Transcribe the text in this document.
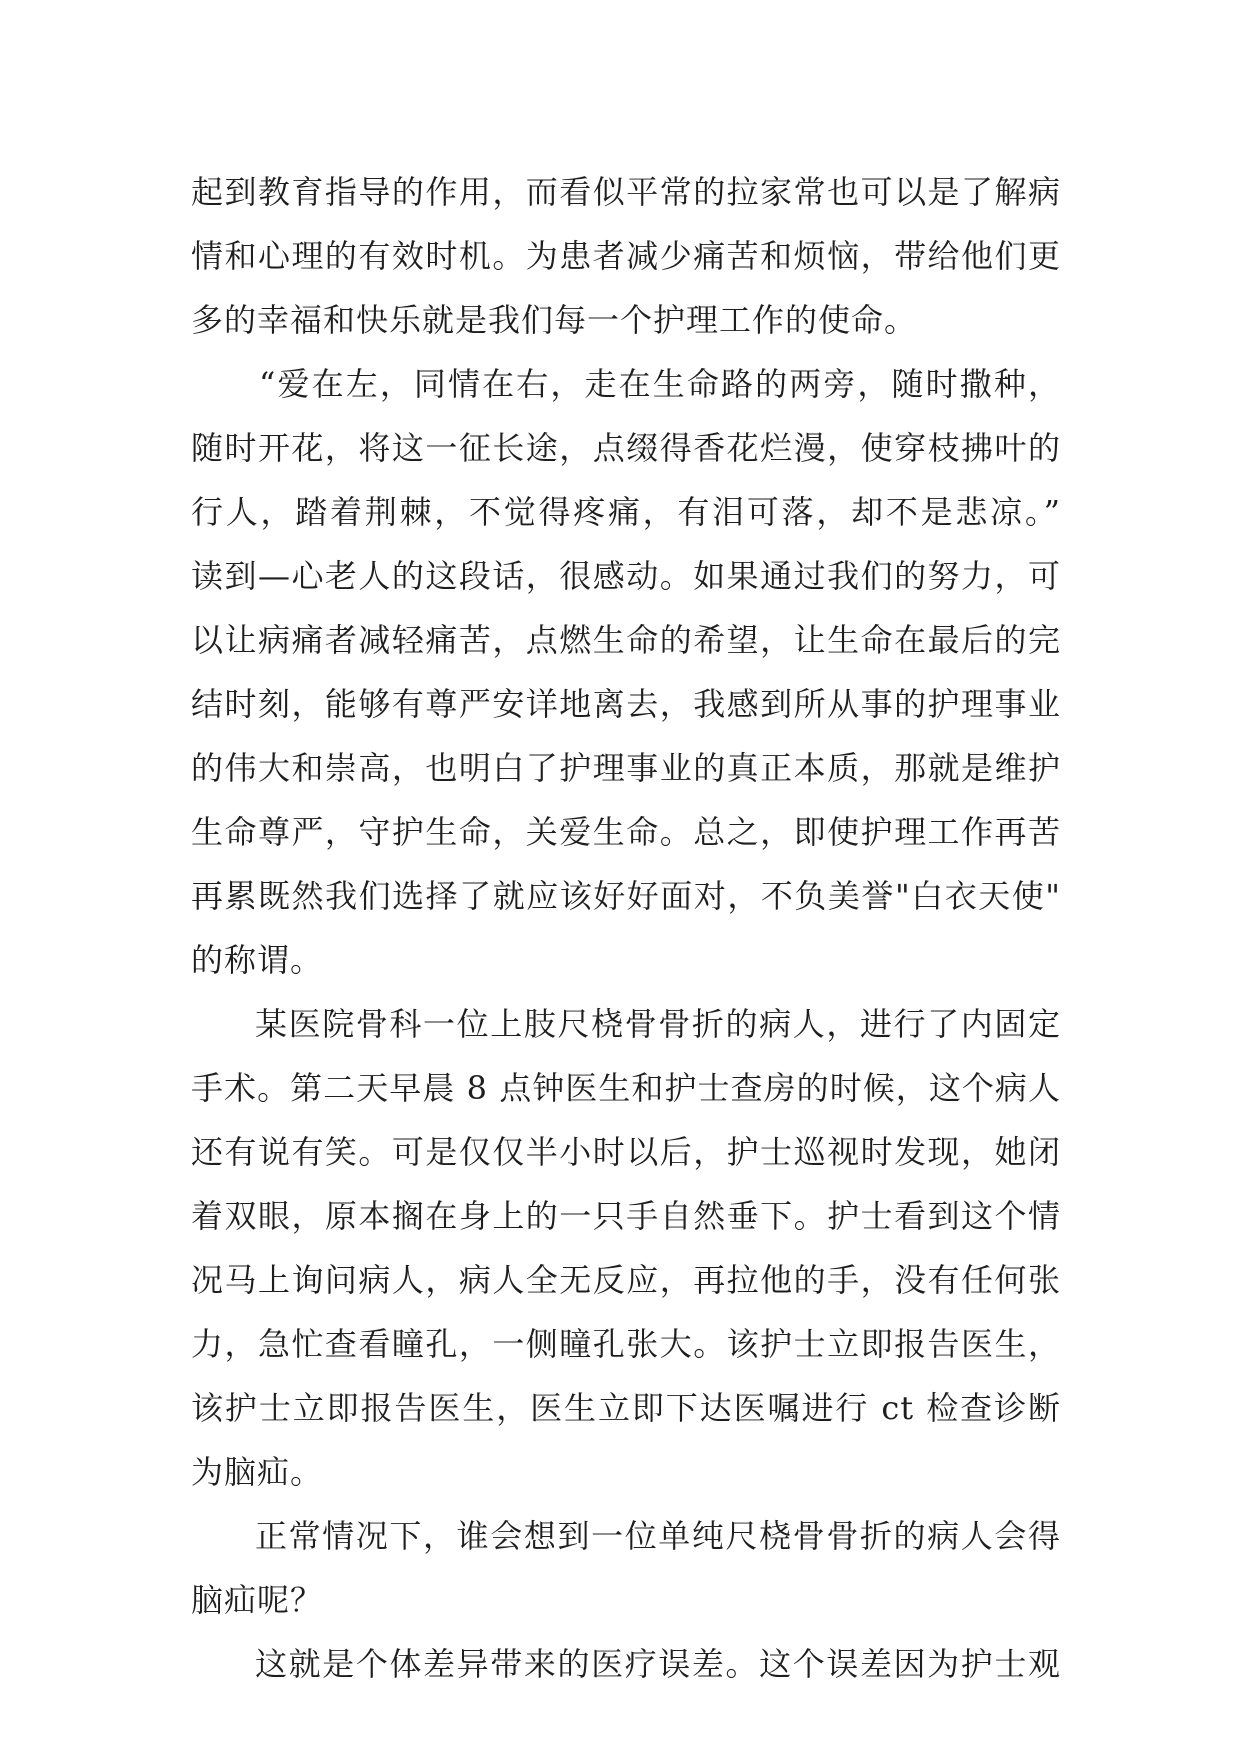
起到教育指导的作用，而看似平常的拉家常也可以是了解病
情和心理的有效时机。为患者减少痛苦和烦恼，带给他们更
多的幸福和快乐就是我们每一个护理工作的使命。
“爱在左，同情在右，走在生命路的两旁，随时撒种，
随时开花，将这一征长途，点缀得香花烂漫，使穿枝拂叶的
行人，踏着荆棘，不觉得疼痛，有泪可落，却不是悲凉。”
读到—心老人的这段话，很感动。如果通过我们的努力，可
以让病痛者减轻痛苦，点燃生命的希望，让生命在最后的完
结时刻，能够有尊严安详地离去，我感到所从事的护理事业
的伟大和崇高，也明白了护理事业的真正本质，那就是维护
生命尊严，守护生命，关爱生命。总之，即使护理工作再苦
再累既然我们选择了就应该好好面对，不负美誉"白衣天使"
的称谓。
某医院骨科一位上肢尺桡骨骨折的病人，进行了内固定
手术。第二天早晨 8 点钟医生和护士查房的时候，这个病人
还有说有笑。可是仅仅半小时以后，护士巡视时发现，她闭
着双眼，原本搁在身上的一只手自然垂下。护士看到这个情
况马上询问病人，病人全无反应，再拉他的手，没有任何张
力，急忙查看瞳孔，一侧瞳孔张大。该护士立即报告医生，
该护士立即报告医生，医生立即下达医嘱进行 ct 检查诊断
为脑疝。
正常情况下，谁会想到一位单纯尺桡骨骨折的病人会得
脑疝呢？
这就是个体差异带来的医疗误差。这个误差因为护士观
